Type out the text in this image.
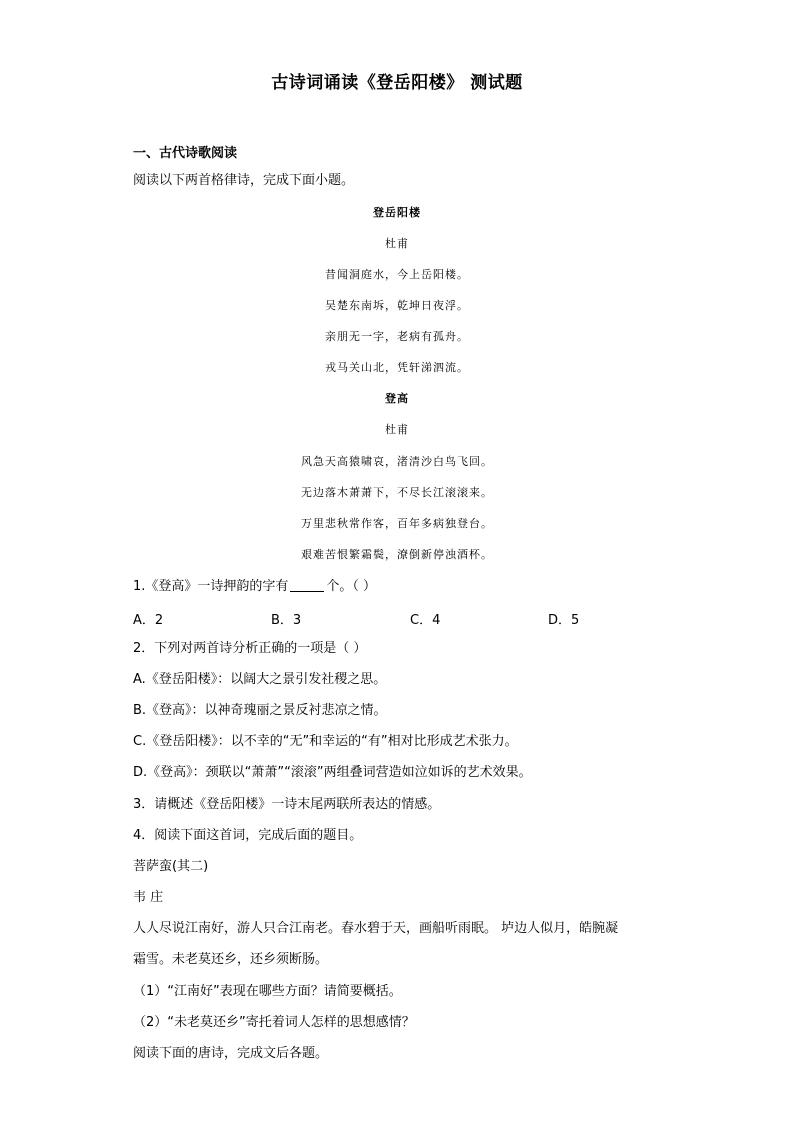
古诗词诵读《登岳阳楼》 测试题
一、古代诗歌阅读
阅读以下两首格律诗，完成下面小题。
登岳阳楼
杜甫
昔闻洞庭水，今上岳阳楼。
吴楚东南坼，乾坤日夜浮。
亲朋无一字，老病有孤舟。
戎马关山北，凭轩涕泗流。
登高
杜甫
风急天高猿啸哀，渚清沙白鸟飞回。
无边落木萧萧下，不尽长江滚滚来。
万里悲秋常作客，百年多病独登台。
艰难苦恨繁霜鬓，潦倒新停浊酒杯。
1.《登高》一诗押韵的字有	个。（ ）
A．2	B．3	C．4	D．5
2．下列对两首诗分析正确的一项是（ ）
A.《登岳阳楼》：以阔大之景引发社稷之思。
B.《登高》：以神奇瑰丽之景反衬悲凉之情。
C.《登岳阳楼》：以不幸的“无”和幸运的“有”相对比形成艺术张力。
D.《登高》：颈联以“萧萧”“滚滚”两组叠词营造如泣如诉的艺术效果。
3．请概述《登岳阳楼》一诗末尾两联所表达的情感。
4．阅读下面这首词，完成后面的题目。
菩萨蛮(其二)
韦 庄
人人尽说江南好，游人只合江南老。春水碧于天，画船听雨眠。 垆边人似月，皓腕凝
霜雪。未老莫还乡，还乡须断肠。
（1）“江南好”表现在哪些方面？请简要概括。
（2）“未老莫还乡”寄托着词人怎样的思想感情？
阅读下面的唐诗，完成文后各题。
